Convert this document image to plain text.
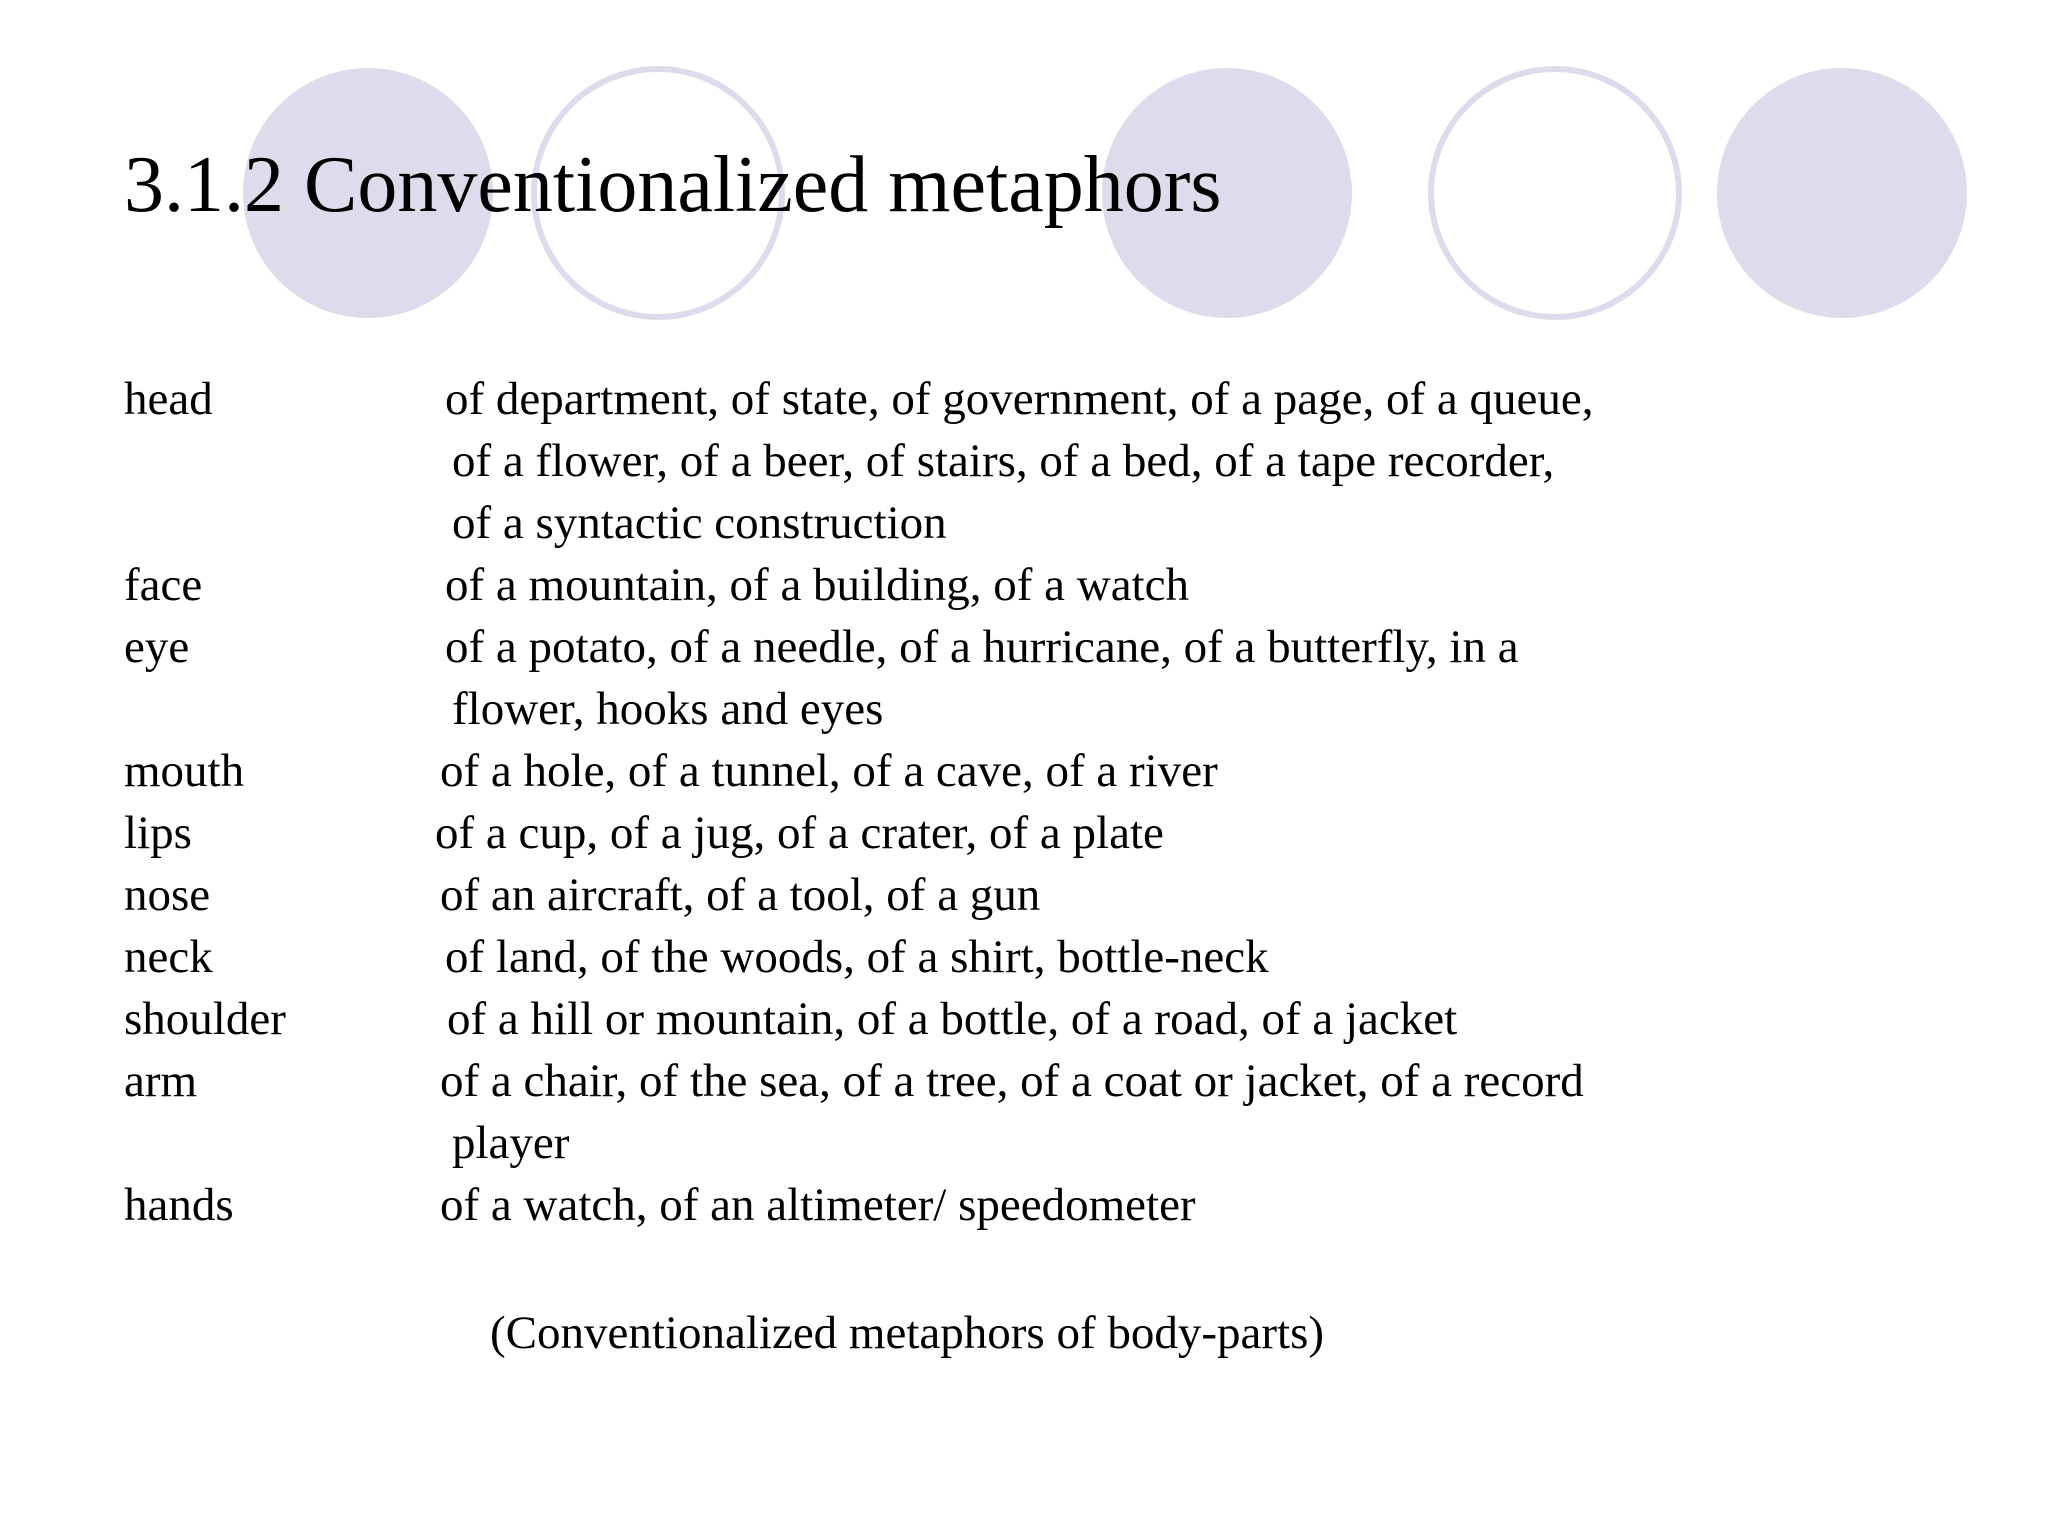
3.1.2 Conventionalized metaphors
head	of department, of state, of government, of a page, of a queue,
of a flower, of a beer, of stairs, of a bed, of a tape recorder,
of a syntactic construction
face	of a mountain, of a building, of a watch
eye	of a potato, of a needle, of a hurricane, of a butterfly, in a
flower, hooks and eyes
mouth	of a hole, of a tunnel, of a cave, of a river
lips	of a cup, of a jug, of a crater, of a plate
nose	of an aircraft, of a tool, of a gun
neck	of land, of the woods, of a shirt, bottle-neck
shoulder	of a hill or mountain, of a bottle, of a road, of a jacket
arm	of a chair, of the sea, of a tree, of a coat or jacket, of a record
player
hands	of a watch, of an altimeter/ speedometer
(Conventionalized metaphors of body-parts)
